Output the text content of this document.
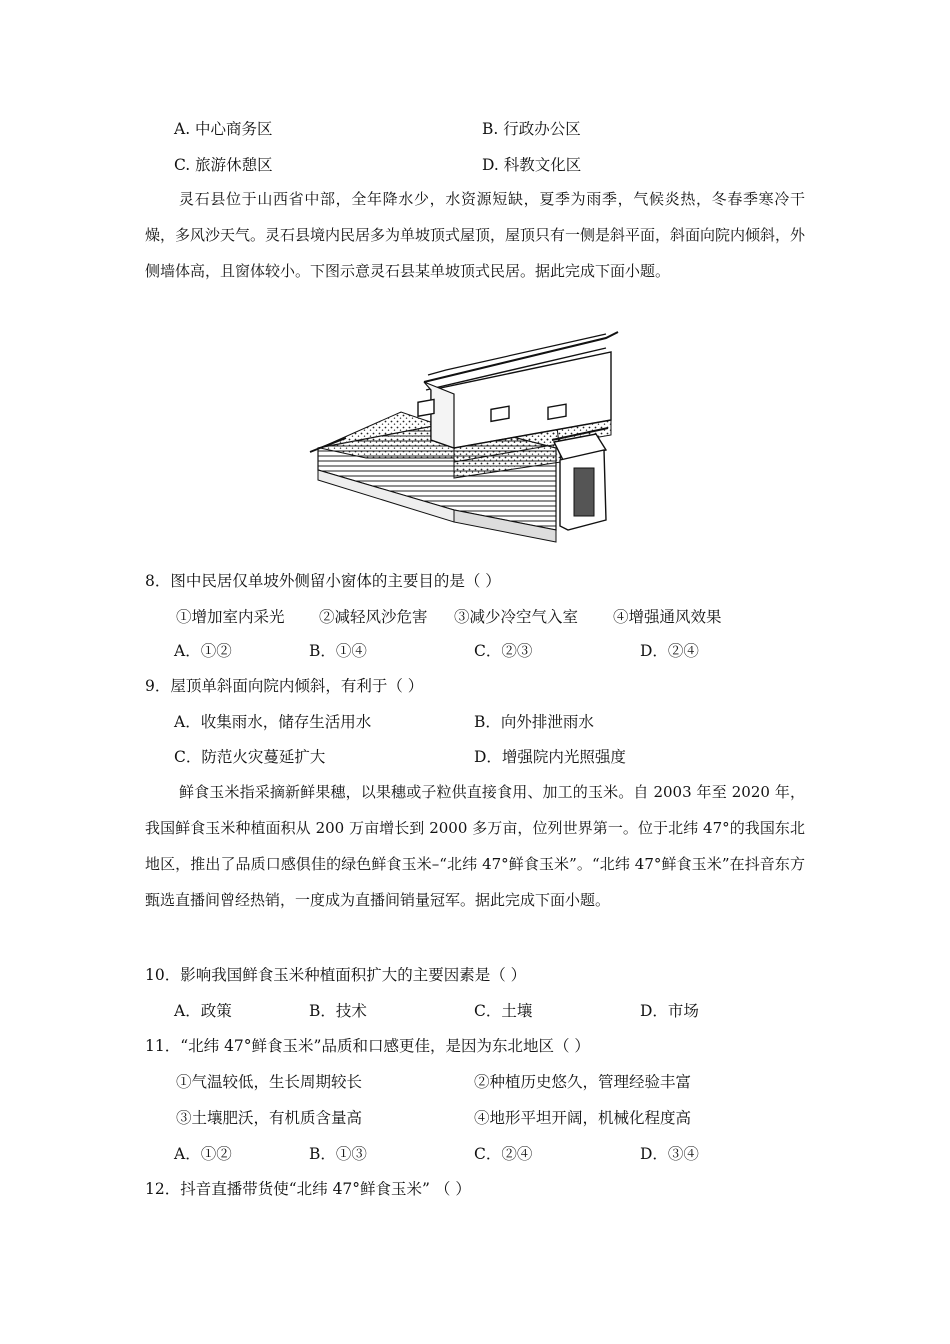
A. 中心商务区	B. 行政办公区
C. 旅游休憩区	D. 科教文化区

灵石县位于山西省中部，全年降水少，水资源短缺，夏季为雨季，气候炎热，冬春季寒冷干燥，多风沙天气。灵石县境内民居多为单坡顶式屋顶，屋顶只有一侧是斜平面，斜面向院内倾斜，外侧墙体高，且窗体较小。下图示意灵石县某单坡顶式民居。据此完成下面小题。

8．图中民居仅单坡外侧留小窗体的主要目的是（ ）
①增加室内采光 ②减轻风沙危害 ③减少冷空气入室 ④增强通风效果
A．①②	B．①④	C．②③	D．②④
9．屋顶单斜面向院内倾斜，有利于（ ）
A．收集雨水，储存生活用水	B．向外排泄雨水
C．防范火灾蔓延扩大	D．增强院内光照强度

鲜食玉米指采摘新鲜果穗，以果穗或子粒供直接食用、加工的玉米。自 2003 年至 2020 年，我国鲜食玉米种植面积从 200 万亩增长到 2000 多万亩，位列世界第一。位于北纬 47°的我国东北地区，推出了品质口感俱佳的绿色鲜食玉米–“北纬 47°鲜食玉米”。“北纬 47°鲜食玉米”在抖音东方甄选直播间曾经热销，一度成为直播间销量冠军。据此完成下面小题。

10．影响我国鲜食玉米种植面积扩大的主要因素是（ ）
A．政策	B．技术	C．土壤	D．市场
11．“北纬 47°鲜食玉米”品质和口感更佳，是因为东北地区（ ）
①气温较低，生长周期较长	②种植历史悠久，管理经验丰富
③土壤肥沃，有机质含量高	④地形平坦开阔，机械化程度高
A．①②	B．①③	C．②④	D．③④
12．抖音直播带货使“北纬 47°鲜食玉米” （ ）
